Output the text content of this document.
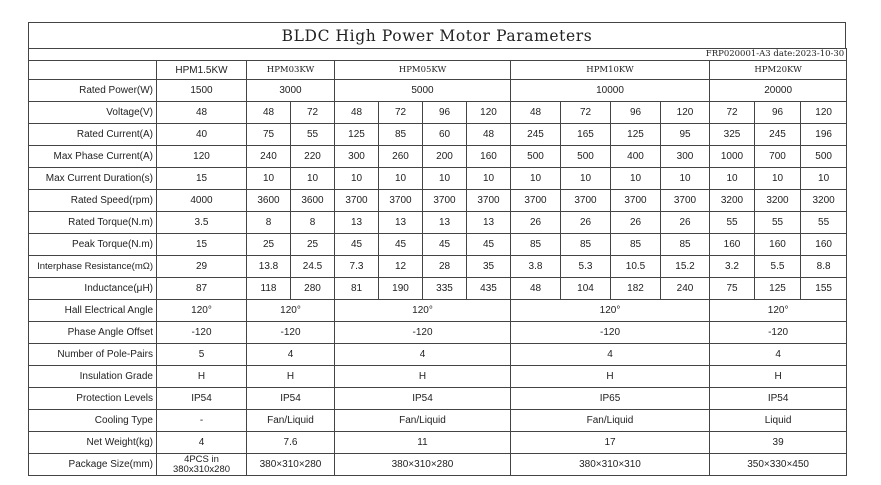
BLDC High Power Motor Parameters
FRP020001-A3 date:2023-10-30														
	HPM1.5KW	HPM03KW		HPM05KW				HPM10KW				HPM20KW		
Rated Power(W)	1500	3000		5000				10000				20000		
Voltage(V)	48	48	72	48	72	96	120	48	72	96	120	72	96	120
Rated Current(A)	40	75	55	125	85	60	48	245	165	125	95	325	245	196
Max Phase Current(A)	120	240	220	300	260	200	160	500	500	400	300	1000	700	500
Max Current Duration(s)	15	10	10	10	10	10	10	10	10	10	10	10	10	10
Rated Speed(rpm)	4000	3600	3600	3700	3700	3700	3700	3700	3700	3700	3700	3200	3200	3200
Rated Torque(N.m)	3.5	8	8	13	13	13	13	26	26	26	26	55	55	55
Peak Torque(N.m)	15	25	25	45	45	45	45	85	85	85	85	160	160	160
Interphase Resistance(mΩ)	29	13.8	24.5	7.3	12	28	35	3.8	5.3	10.5	15.2	3.2	5.5	8.8
Inductance(μH)	87	118	280	81	190	335	435	48	104	182	240	75	125	155
Hall Electrical Angle	120°	120°		120°				120°				120°		
Phase Angle Offset	-120	-120		-120				-120				-120		
Number of Pole-Pairs	5	4		4				4				4		
Insulation Grade	H	H		H				H				H		
Protection Levels	IP54	IP54		IP54				IP65				IP54		
Cooling Type	-	Fan/Liquid		Fan/Liquid				Fan/Liquid				Liquid		
Net Weight(kg)	4	7.6		11				17				39		
Package Size(mm)	4PCS in 380x310x280	380×310×280		380×310×280				380×310×310				350×330×450		
